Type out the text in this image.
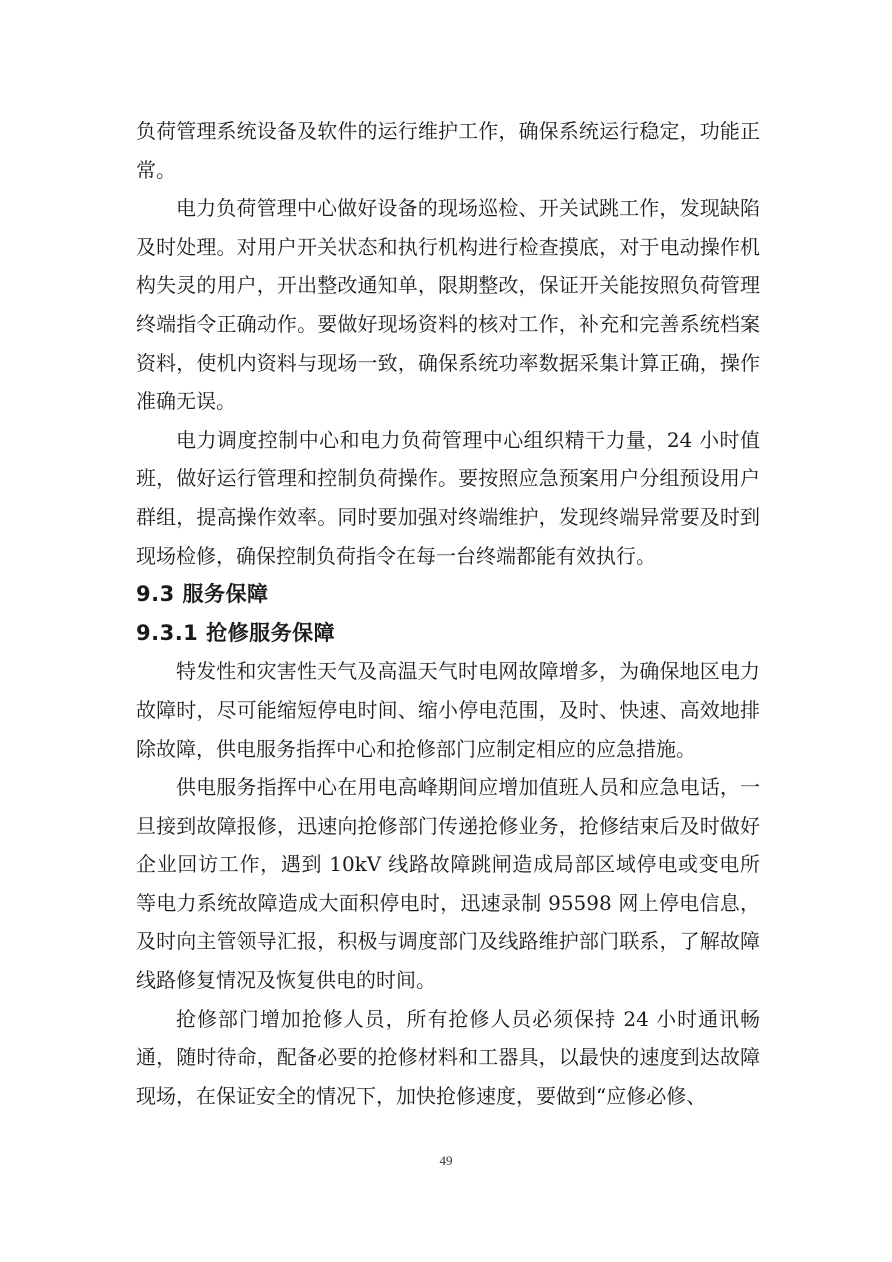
负荷管理系统设备及软件的运行维护工作，确保系统运行稳定，功能正常。

电力负荷管理中心做好设备的现场巡检、开关试跳工作，发现缺陷及时处理。对用户开关状态和执行机构进行检查摸底，对于电动操作机构失灵的用户，开出整改通知单，限期整改，保证开关能按照负荷管理终端指令正确动作。要做好现场资料的核对工作，补充和完善系统档案资料，使机内资料与现场一致，确保系统功率数据采集计算正确，操作准确无误。

电力调度控制中心和电力负荷管理中心组织精干力量，24 小时值班，做好运行管理和控制负荷操作。要按照应急预案用户分组预设用户群组，提高操作效率。同时要加强对终端维护，发现终端异常要及时到现场检修，确保控制负荷指令在每一台终端都能有效执行。

9.3 服务保障
9.3.1 抢修服务保障

特发性和灾害性天气及高温天气时电网故障增多，为确保地区电力故障时，尽可能缩短停电时间、缩小停电范围，及时、快速、高效地排除故障，供电服务指挥中心和抢修部门应制定相应的应急措施。

供电服务指挥中心在用电高峰期间应增加值班人员和应急电话，一旦接到故障报修，迅速向抢修部门传递抢修业务，抢修结束后及时做好企业回访工作，遇到 10kV 线路故障跳闸造成局部区域停电或变电所等电力系统故障造成大面积停电时，迅速录制 95598 网上停电信息，及时向主管领导汇报，积极与调度部门及线路维护部门联系，了解故障线路修复情况及恢复供电的时间。

抢修部门增加抢修人员，所有抢修人员必须保持 24 小时通讯畅通，随时待命，配备必要的抢修材料和工器具，以最快的速度到达故障现场，在保证安全的情况下，加快抢修速度，要做到“应修必修、

49
